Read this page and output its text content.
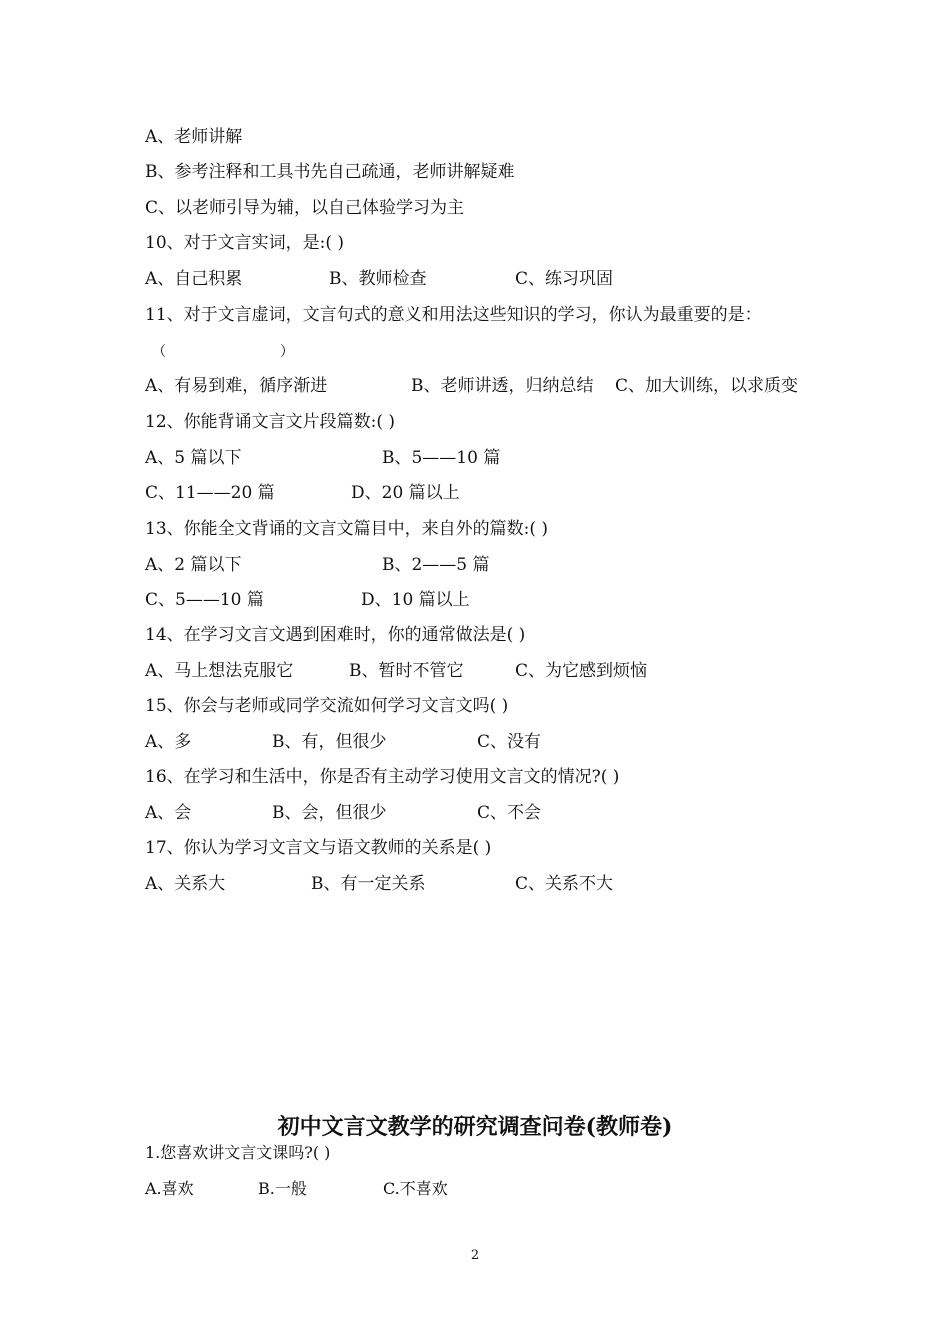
A、老师讲解
B、参考注释和工具书先自己疏通，老师讲解疑难
C、以老师引导为辅，以自己体验学习为主
10、对于文言实词，是:( )
A、自己积累	B、教师检查	C、练习巩固
11、对于文言虚词，文言句式的意义和用法这些知识的学习，你认为最重要的是：
（	）
A、有易到难，循序渐进	B、老师讲透，归纳总结 C、加大训练，以求质变
12、你能背诵文言文片段篇数:( )
A、5 篇以下	B、5——10 篇
C、11——20 篇	D、20 篇以上
13、你能全文背诵的文言文篇目中，来自外的篇数:( )
A、2 篇以下	B、2——5 篇
C、5——10 篇	D、10 篇以上
14、在学习文言文遇到困难时，你的通常做法是( )
A、马上想法克服它	B、暂时不管它	C、为它感到烦恼
15、你会与老师或同学交流如何学习文言文吗( )
A、多	B、有，但很少	C、没有
16、在学习和生活中，你是否有主动学习使用文言文的情况?( )
A、会	B、会，但很少	C、不会
17、你认为学习文言文与语文教师的关系是( )
A、关系大	B、有一定关系	C、关系不大
初中文言文教学的研究调查问卷(教师卷)
1.您喜欢讲文言文课吗?( )
A.喜欢	B.一般	C.不喜欢
2
